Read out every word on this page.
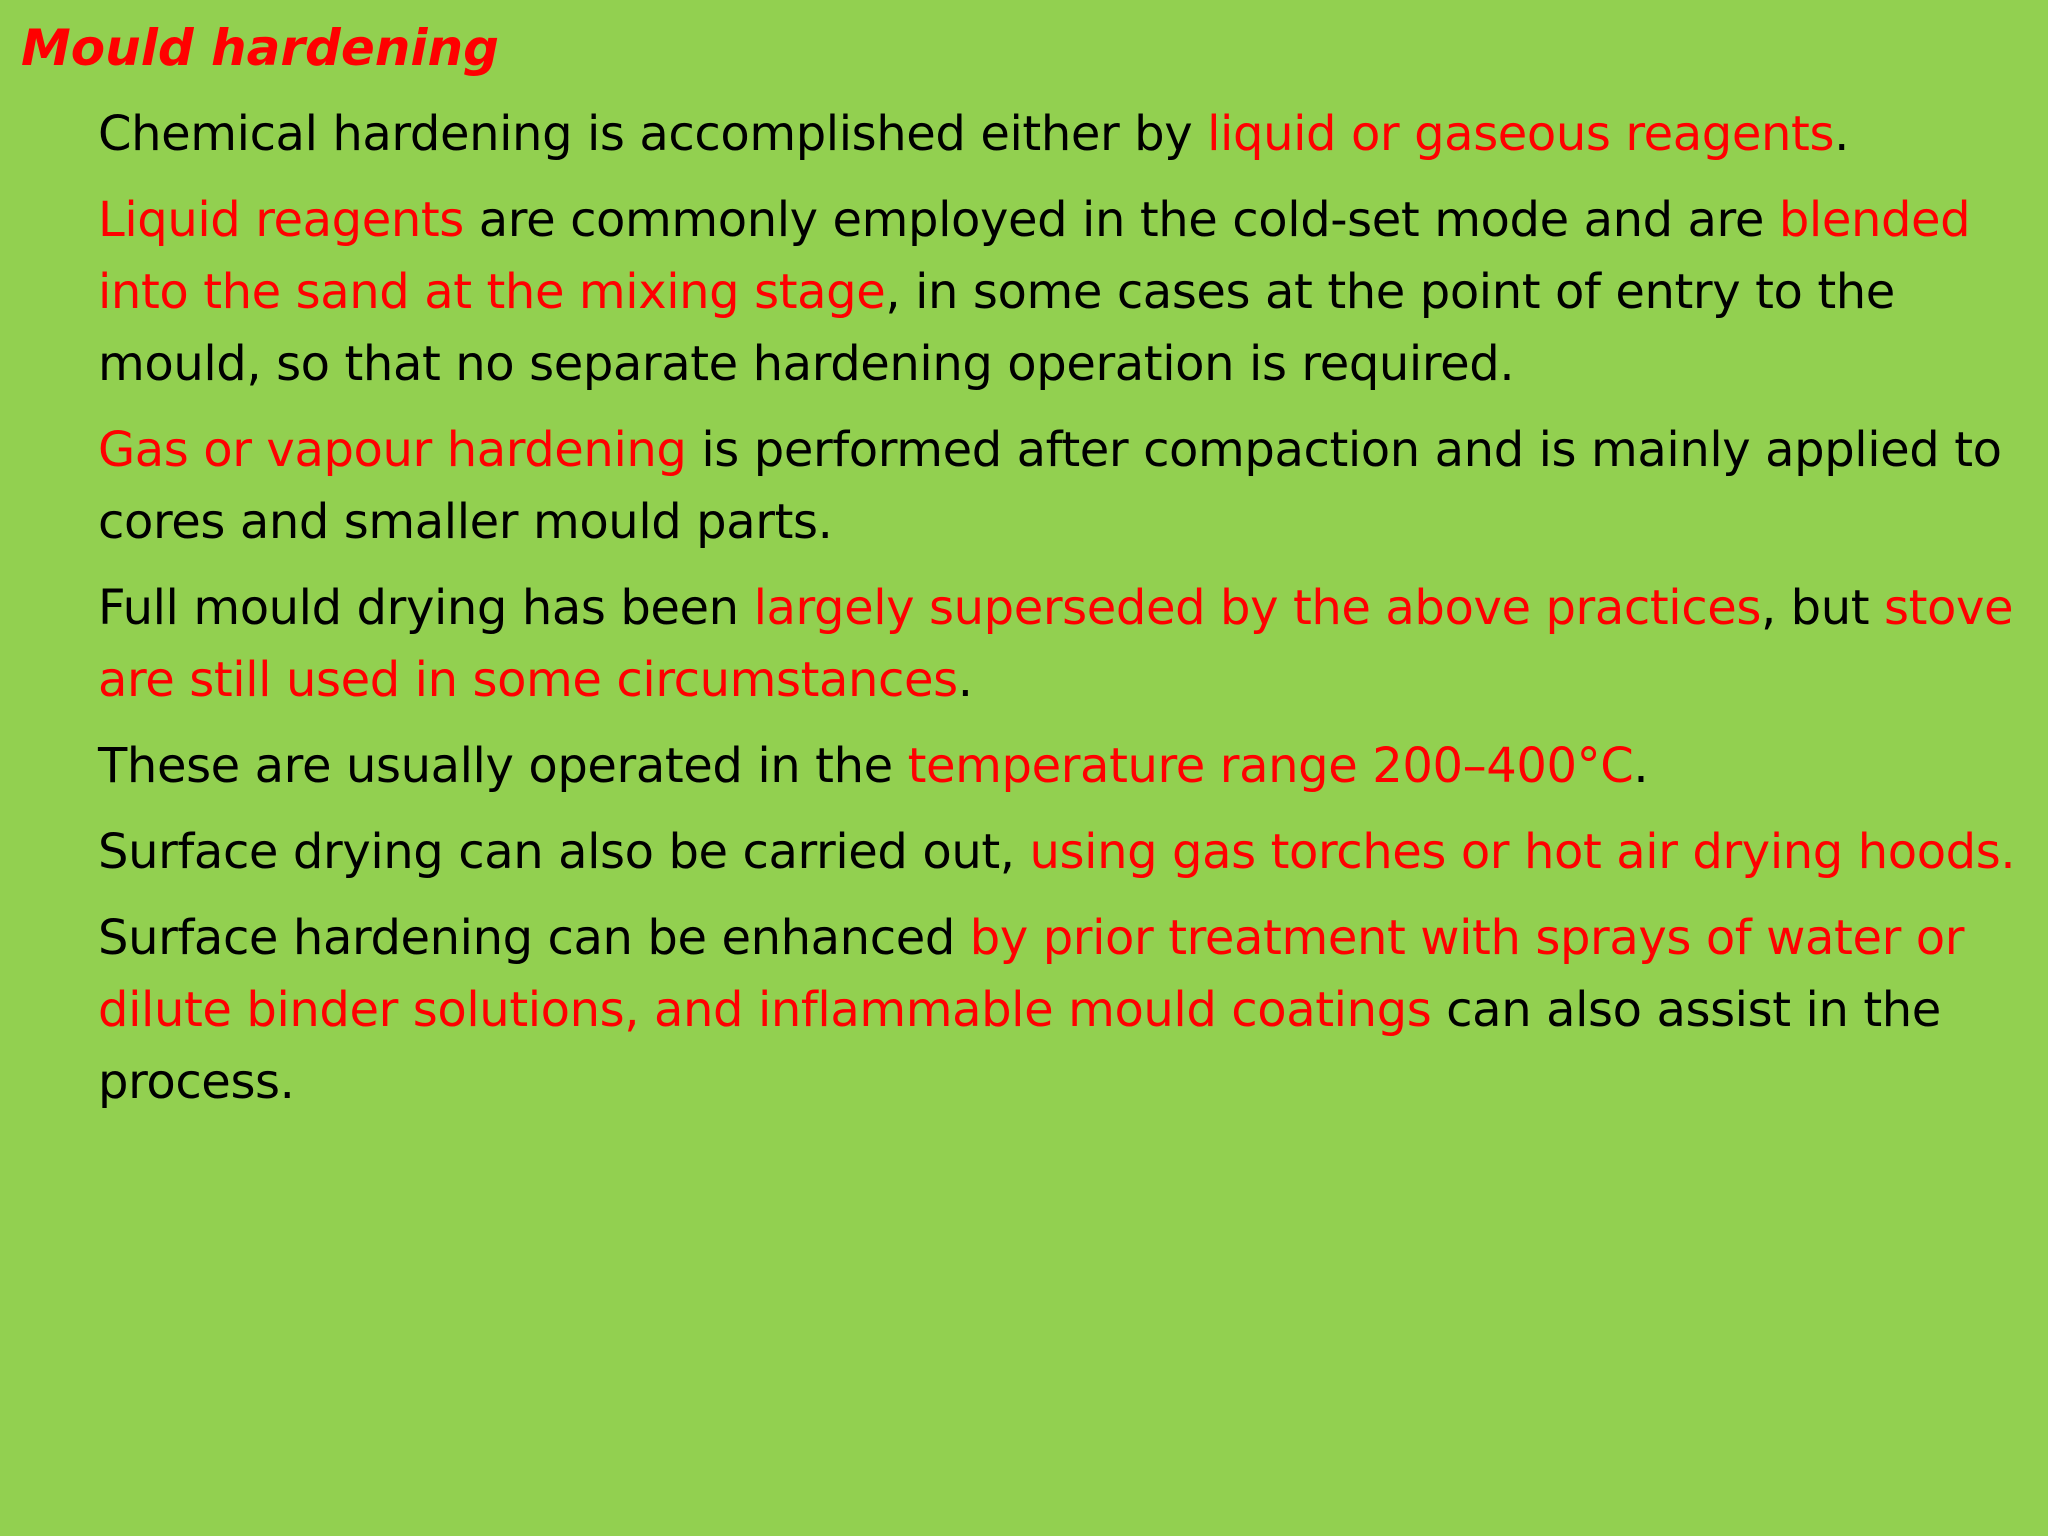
Mould hardening

Chemical hardening is accomplished either by liquid or gaseous reagents.

Liquid reagents are commonly employed in the cold-set mode and are blended into the sand at the mixing stage, in some cases at the point of entry to the mould, so that no separate hardening operation is required.

Gas or vapour hardening is performed after compaction and is mainly applied to cores and smaller mould parts.

Full mould drying has been largely superseded by the above practices, but stove are still used in some circumstances.

These are usually operated in the temperature range 200–400°C.

Surface drying can also be carried out, using gas torches or hot air drying hoods.

Surface hardening can be enhanced by prior treatment with sprays of water or dilute binder solutions, and inflammable mould coatings can also assist in the process.
